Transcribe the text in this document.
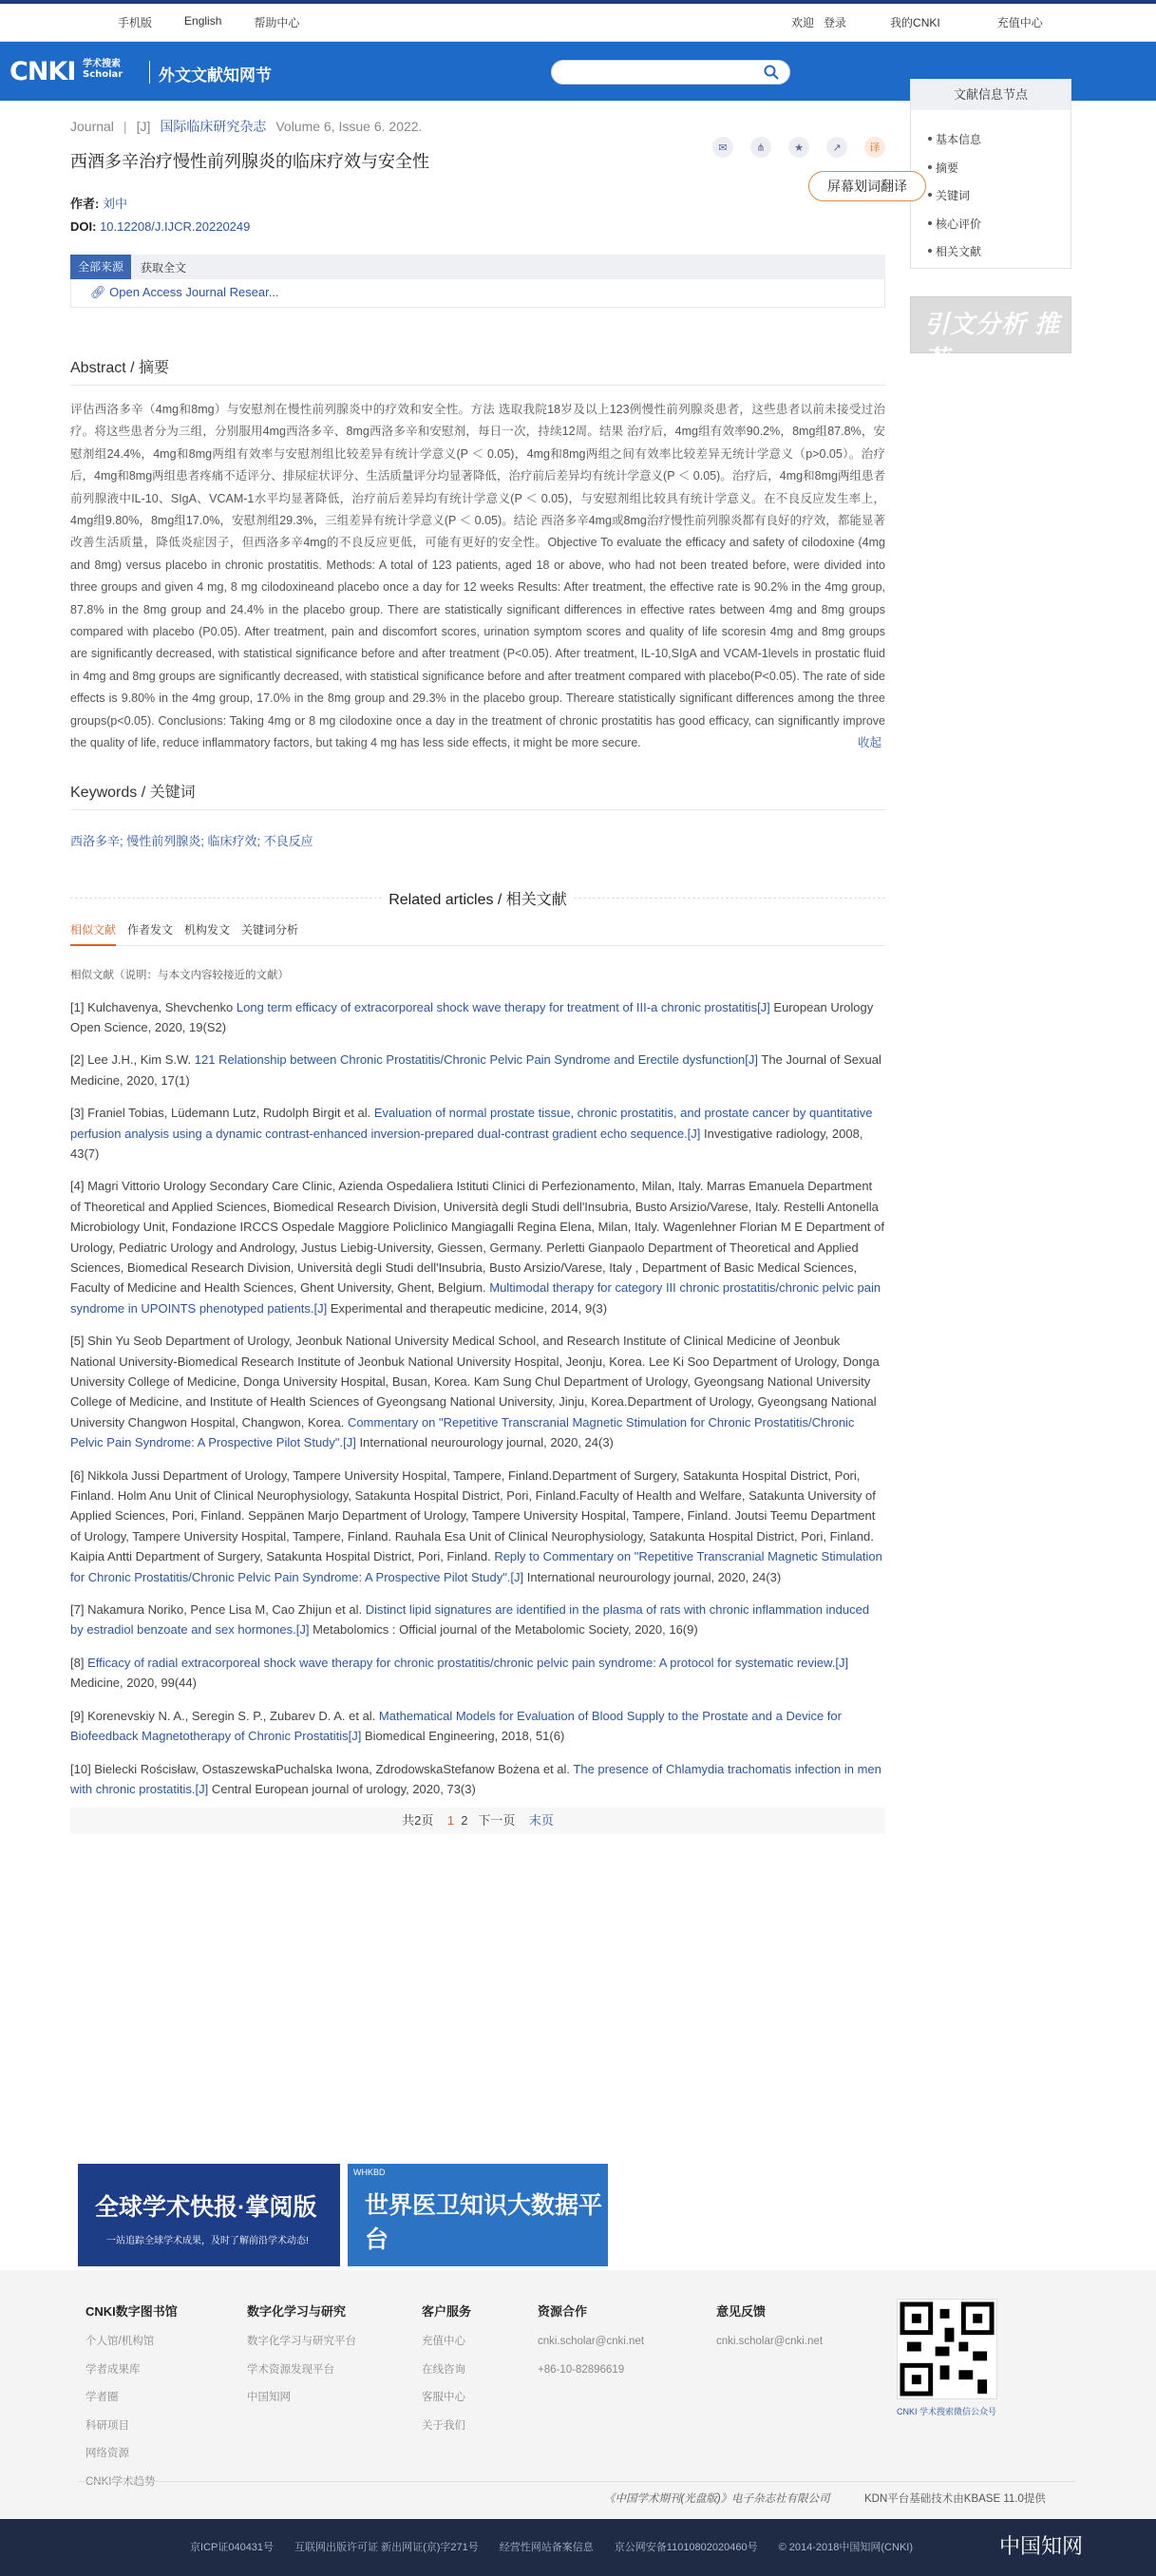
手机版	English	帮助中心	欢迎 登录	我的CNKI	充值中心
CNKI 学术搜索 Scholar	外文文献知网节
文献信息节点
基本信息
摘要
关键词
核心评价
相关文献
引文分析 推荐
屏幕划词翻译
Journal | [J] 国际临床研究杂志 Volume 6, Issue 6. 2022.
✉	⋔	★	↗	译
西酒多辛治疗慢性前列腺炎的临床疗效与安全性
作者: 刘中
DOI: 10.12208/J.IJCR.20220249
全部来源	获取全文
🔗︎ Open Access Journal Resear...
Abstract / 摘要
评估西洛多辛（4mg和8mg）与安慰剂在慢性前列腺炎中的疗效和安全性。方法 选取我院18岁及以上123例慢性前列腺炎患者，这些患者以前未接受过治疗。将这些患者分为三组，分别服用4mg西洛多辛、8mg西洛多辛和安慰剂，每日一次，持续12周。结果 治疗后，4mg组有效率90.2%，8mg组87.8%，安慰剂组24.4%，4mg和8mg两组有效率与安慰剂组比较差异有统计学意义(P ＜ 0.05)，4mg和8mg两组之间有效率比较差异无统计学意义（p>0.05）。治疗后，4mg和8mg两组患者疼痛不适评分、排尿症状评分、生活质量评分均显著降低，治疗前后差异均有统计学意义(P ＜ 0.05)。治疗后，4mg和8mg两组患者前列腺液中IL-10、SIgA、VCAM-1水平均显著降低，治疗前后差异均有统计学意义(P ＜ 0.05)，与安慰剂组比较具有统计学意义。在不良反应发生率上，4mg组9.80%，8mg组17.0%，安慰剂组29.3%，三组差异有统计学意义(P ＜ 0.05)。结论 西洛多辛4mg或8mg治疗慢性前列腺炎都有良好的疗效，都能显著改善生活质量，降低炎症因子，但西洛多辛4mg的不良反应更低，可能有更好的安全性。Objective To evaluate the efficacy and safety of cilodoxine (4mg and 8mg) versus placebo in chronic prostatitis. Methods: A total of 123 patients, aged 18 or above, who had not been treated before, were divided into three groups and given 4 mg, 8 mg cilodoxineand placebo once a day for 12 weeks Results: After treatment, the effective rate is 90.2% in the 4mg group, 87.8% in the 8mg group and 24.4% in the placebo group. There are statistically significant differences in effective rates between 4mg and 8mg groups compared with placebo (P0.05). After treatment, pain and discomfort scores, urination symptom scores and quality of life scoresin 4mg and 8mg groups are significantly decreased, with statistical significance before and after treatment (P<0.05). After treatment, IL-10,SIgA and VCAM-1levels in prostatic fluid in 4mg and 8mg groups are significantly decreased, with statistical significance before and after treatment compared with placebo(P<0.05). The rate of side effects is 9.80% in the 4mg group, 17.0% in the 8mg group and 29.3% in the placebo group. Thereare statistically significant differences among the three groups(p<0.05). Conclusions: Taking 4mg or 8 mg cilodoxine once a day in the treatment of chronic prostatitis has good efficacy, can significantly improve the quality of life, reduce inflammatory factors, but taking 4 mg has less side effects, it might be more secure.	收起
Keywords / 关键词
西洛多辛; 慢性前列腺炎; 临床疗效; 不良反应
Related articles / 相关文献
相似文献 作者发文 机构发文 关键词分析
相似文献（说明：与本文内容较接近的文献）
[1] Kulchavenya, Shevchenko Long term efficacy of extracorporeal shock wave therapy for treatment of III-a chronic prostatitis[J] European Urology Open Science, 2020, 19(S2)
[2] Lee J.H., Kim S.W. 121 Relationship between Chronic Prostatitis/Chronic Pelvic Pain Syndrome and Erectile dysfunction[J] The Journal of Sexual Medicine, 2020, 17(1)
[3] Franiel Tobias, Lüdemann Lutz, Rudolph Birgit et al. Evaluation of normal prostate tissue, chronic prostatitis, and prostate cancer by quantitative perfusion analysis using a dynamic contrast-enhanced inversion-prepared dual-contrast gradient echo sequence.[J] Investigative radiology, 2008, 43(7)
[4] Magri Vittorio Urology Secondary Care Clinic, Azienda Ospedaliera Istituti Clinici di Perfezionamento, Milan, Italy. Marras Emanuela Department of Theoretical and Applied Sciences, Biomedical Research Division, Università degli Studi dell'Insubria, Busto Arsizio/Varese, Italy. Restelli Antonella Microbiology Unit, Fondazione IRCCS Ospedale Maggiore Policlinico Mangiagalli Regina Elena, Milan, Italy. Wagenlehner Florian M E Department of Urology, Pediatric Urology and Andrology, Justus Liebig-University, Giessen, Germany. Perletti Gianpaolo Department of Theoretical and Applied Sciences, Biomedical Research Division, Università degli Studi dell'Insubria, Busto Arsizio/Varese, Italy , Department of Basic Medical Sciences, Faculty of Medicine and Health Sciences, Ghent University, Ghent, Belgium. Multimodal therapy for category III chronic prostatitis/chronic pelvic pain syndrome in UPOINTS phenotyped patients.[J] Experimental and therapeutic medicine, 2014, 9(3)
[5] Shin Yu Seob Department of Urology, Jeonbuk National University Medical School, and Research Institute of Clinical Medicine of Jeonbuk National University-Biomedical Research Institute of Jeonbuk National University Hospital, Jeonju, Korea. Lee Ki Soo Department of Urology, Donga University College of Medicine, Donga University Hospital, Busan, Korea. Kam Sung Chul Department of Urology, Gyeongsang National University College of Medicine, and Institute of Health Sciences of Gyeongsang National University, Jinju, Korea.Department of Urology, Gyeongsang National University Changwon Hospital, Changwon, Korea. Commentary on "Repetitive Transcranial Magnetic Stimulation for Chronic Prostatitis/Chronic Pelvic Pain Syndrome: A Prospective Pilot Study".[J] International neurourology journal, 2020, 24(3)
[6] Nikkola Jussi Department of Urology, Tampere University Hospital, Tampere, Finland.Department of Surgery, Satakunta Hospital District, Pori, Finland. Holm Anu Unit of Clinical Neurophysiology, Satakunta Hospital District, Pori, Finland.Faculty of Health and Welfare, Satakunta University of Applied Sciences, Pori, Finland. Seppänen Marjo Department of Urology, Tampere University Hospital, Tampere, Finland. Joutsi Teemu Department of Urology, Tampere University Hospital, Tampere, Finland. Rauhala Esa Unit of Clinical Neurophysiology, Satakunta Hospital District, Pori, Finland. Kaipia Antti Department of Surgery, Satakunta Hospital District, Pori, Finland. Reply to Commentary on "Repetitive Transcranial Magnetic Stimulation for Chronic Prostatitis/Chronic Pelvic Pain Syndrome: A Prospective Pilot Study".[J] International neurourology journal, 2020, 24(3)
[7] Nakamura Noriko, Pence Lisa M, Cao Zhijun et al. Distinct lipid signatures are identified in the plasma of rats with chronic inflammation induced by estradiol benzoate and sex hormones.[J] Metabolomics : Official journal of the Metabolomic Society, 2020, 16(9)
[8] Efficacy of radial extracorporeal shock wave therapy for chronic prostatitis/chronic pelvic pain syndrome: A protocol for systematic review.[J] Medicine, 2020, 99(44)
[9] Korenevskiy N. A., Seregin S. P., Zubarev D. A. et al. Mathematical Models for Evaluation of Blood Supply to the Prostate and a Device for Biofeedback Magnetotherapy of Chronic Prostatitis[J] Biomedical Engineering, 2018, 51(6)
[10] Bielecki Rościsław, OstaszewskaPuchalska Iwona, ZdrodowskaStefanow Bożena et al. The presence of Chlamydia trachomatis infection in men with chronic prostatitis.[J] Central European journal of urology, 2020, 73(3)
共2页 1 2 下一页 末页
全球学术快报·掌阅版
一站追踪全球学术成果，及时了解前沿学术动态!
WHKBD
世界医卫知识大数据平台
CNKI数字图书馆
个人馆/机构馆
学者成果库
学者圈
科研项目
网络资源
CNKI学术趋势
数字化学习与研究
数字化学习与研究平台
学术资源发现平台
中国知网
客户服务
充值中心
在线咨询
客服中心
关于我们
资源合作
cnki.scholar@cnki.net
+86-10-82896619
意见反馈
cnki.scholar@cnki.net
CNKI 学术搜索微信公众号
《中国学术期刊(光盘版)》电子杂志社有限公司	KDN平台基础技术由KBASE 11.0提供
京ICP证040431号 互联网出版许可证 新出网证(京)字271号 经营性网站备案信息 京公网安备11010802020460号 © 2014-2018中国知网(CNKI)	中国知网
